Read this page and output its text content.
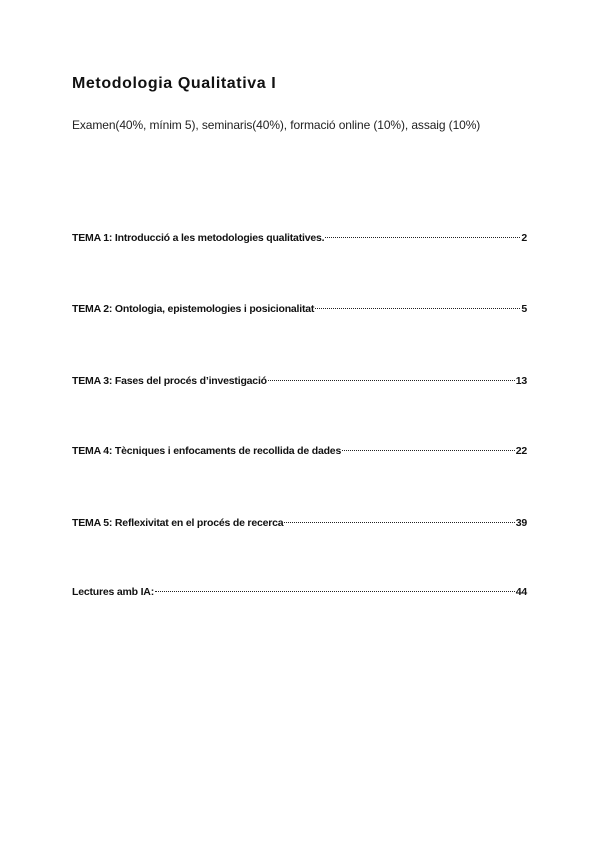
Metodologia Qualitativa I
Examen(40%, mínim 5), seminaris(40%), formació online (10%), assaig (10%)
TEMA 1: Introducció a les metodologies qualitatives.	2
TEMA 2: Ontologia, epistemologies i posicionalitat	5
TEMA 3: Fases del procés d’investigació	13
TEMA 4: Tècniques i enfocaments de recollida de dades	22
TEMA 5: Reflexivitat en el procés de recerca	39
Lectures amb IA:	44
